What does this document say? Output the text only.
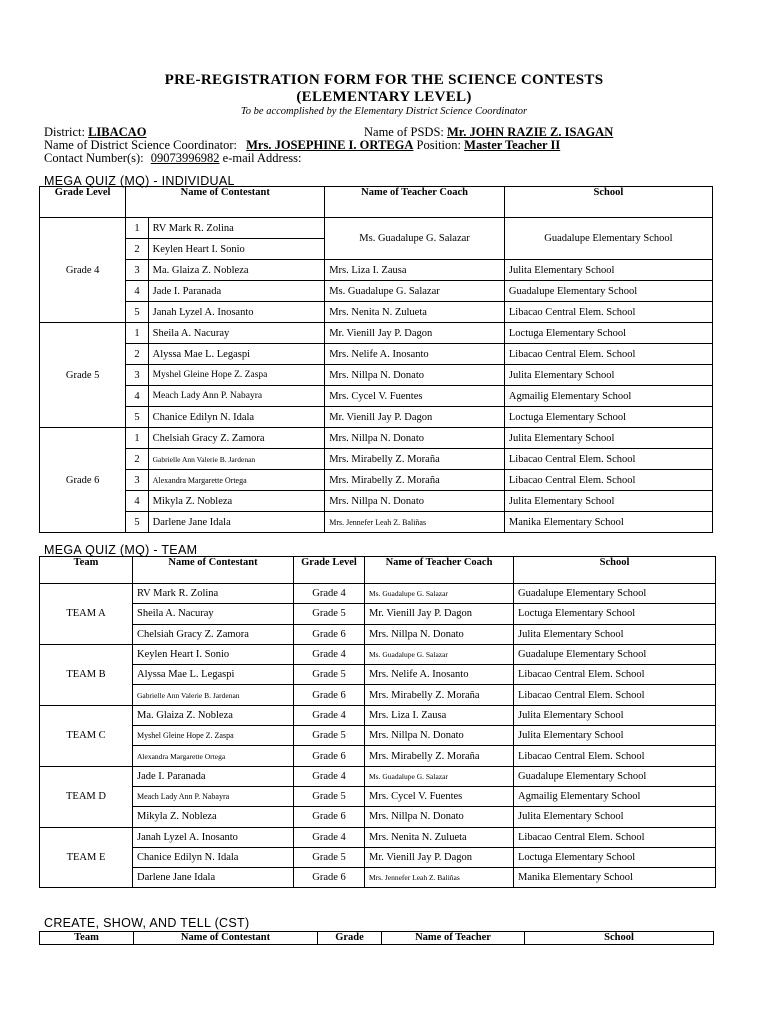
PRE-REGISTRATION FORM FOR THE SCIENCE CONTESTS
(ELEMENTARY LEVEL)
To be accomplished by the Elementary District Science Coordinator
District: LIBACAO	Name of PSDS: Mr. JOHN RAZIE Z. ISAGAN
Name of District Science Coordinator: Mrs. JOSEPHINE I. ORTEGA Position: Master Teacher II
Contact Number(s): 09073996982 e-mail Address:
MEGA QUIZ (MQ) - INDIVIDUAL
Grade Level	Name of Contestant		Name of Teacher Coach	School
Grade 4	1	RV Mark R. Zolina	Ms. Guadalupe G. Salazar	Guadalupe Elementary School
	2	Keylen Heart I. Sonio		
	3	Ma. Glaiza Z. Nobleza	Mrs. Liza I. Zausa	Julita Elementary School
	4	Jade I. Paranada	Ms. Guadalupe G. Salazar	Guadalupe Elementary School
	5	Janah Lyzel A. Inosanto	Mrs. Nenita N. Zulueta	Libacao Central Elem. School
Grade 5	1	Sheila A. Nacuray	Mr. Vienill Jay P. Dagon	Loctuga Elementary School
	2	Alyssa Mae L. Legaspi	Mrs. Nelife A. Inosanto	Libacao Central Elem. School
	3	Myshel Gleine Hope Z. Zaspa	Mrs. Nillpa N. Donato	Julita Elementary School
	4	Meach Lady Ann P. Nabayra	Mrs. Cycel V. Fuentes	Agmailig Elementary School
	5	Chanice Edilyn N. Idala	Mr. Vienill Jay P. Dagon	Loctuga Elementary School
Grade 6	1	Chelsiah Gracy Z. Zamora	Mrs. Nillpa N. Donato	Julita Elementary School
	2	Gabrielle Ann Valerie B. Jardenan	Mrs. Mirabelly Z. Moraña	Libacao Central Elem. School
	3	Alexandra Margarette Ortega	Mrs. Mirabelly Z. Moraña	Libacao Central Elem. School
	4	Mikyla Z. Nobleza	Mrs. Nillpa N. Donato	Julita Elementary School
	5	Darlene Jane Idala	Mrs. Jennefer Leah Z. Baliñas	Manika Elementary School
MEGA QUIZ (MQ) - TEAM
Team	Name of Contestant	Grade Level	Name of Teacher Coach	School
TEAM A	RV Mark R. Zolina	Grade 4	Ms. Guadalupe G. Salazar	Guadalupe Elementary School
	Sheila A. Nacuray	Grade 5	Mr. Vienill Jay P. Dagon	Loctuga Elementary School
	Chelsiah Gracy Z. Zamora	Grade 6	Mrs. Nillpa N. Donato	Julita Elementary School
TEAM B	Keylen Heart I. Sonio	Grade 4	Ms. Guadalupe G. Salazar	Guadalupe Elementary School
	Alyssa Mae L. Legaspi	Grade 5	Mrs. Nelife A. Inosanto	Libacao Central Elem. School
	Gabrielle Ann Valerie B. Jardenan	Grade 6	Mrs. Mirabelly Z. Moraña	Libacao Central Elem. School
TEAM C	Ma. Glaiza Z. Nobleza	Grade 4	Mrs. Liza I. Zausa	Julita Elementary School
	Myshel Gleine Hope Z. Zaspa	Grade 5	Mrs. Nillpa N. Donato	Julita Elementary School
	Alexandra Margarette Ortega	Grade 6	Mrs. Mirabelly Z. Moraña	Libacao Central Elem. School
TEAM D	Jade I. Paranada	Grade 4	Ms. Guadalupe G. Salazar	Guadalupe Elementary School
	Meach Lady Ann P. Nabayra	Grade 5	Mrs. Cycel V. Fuentes	Agmailig Elementary School
	Mikyla Z. Nobleza	Grade 6	Mrs. Nillpa N. Donato	Julita Elementary School
TEAM E	Janah Lyzel A. Inosanto	Grade 4	Mrs. Nenita N. Zulueta	Libacao Central Elem. School
	Chanice Edilyn N. Idala	Grade 5	Mr. Vienill Jay P. Dagon	Loctuga Elementary School
	Darlene Jane Idala	Grade 6	Mrs. Jennefer Leah Z. Baliñas	Manika Elementary School
CREATE, SHOW, AND TELL (CST)
Team	Name of Contestant	Grade	Name of Teacher	School
